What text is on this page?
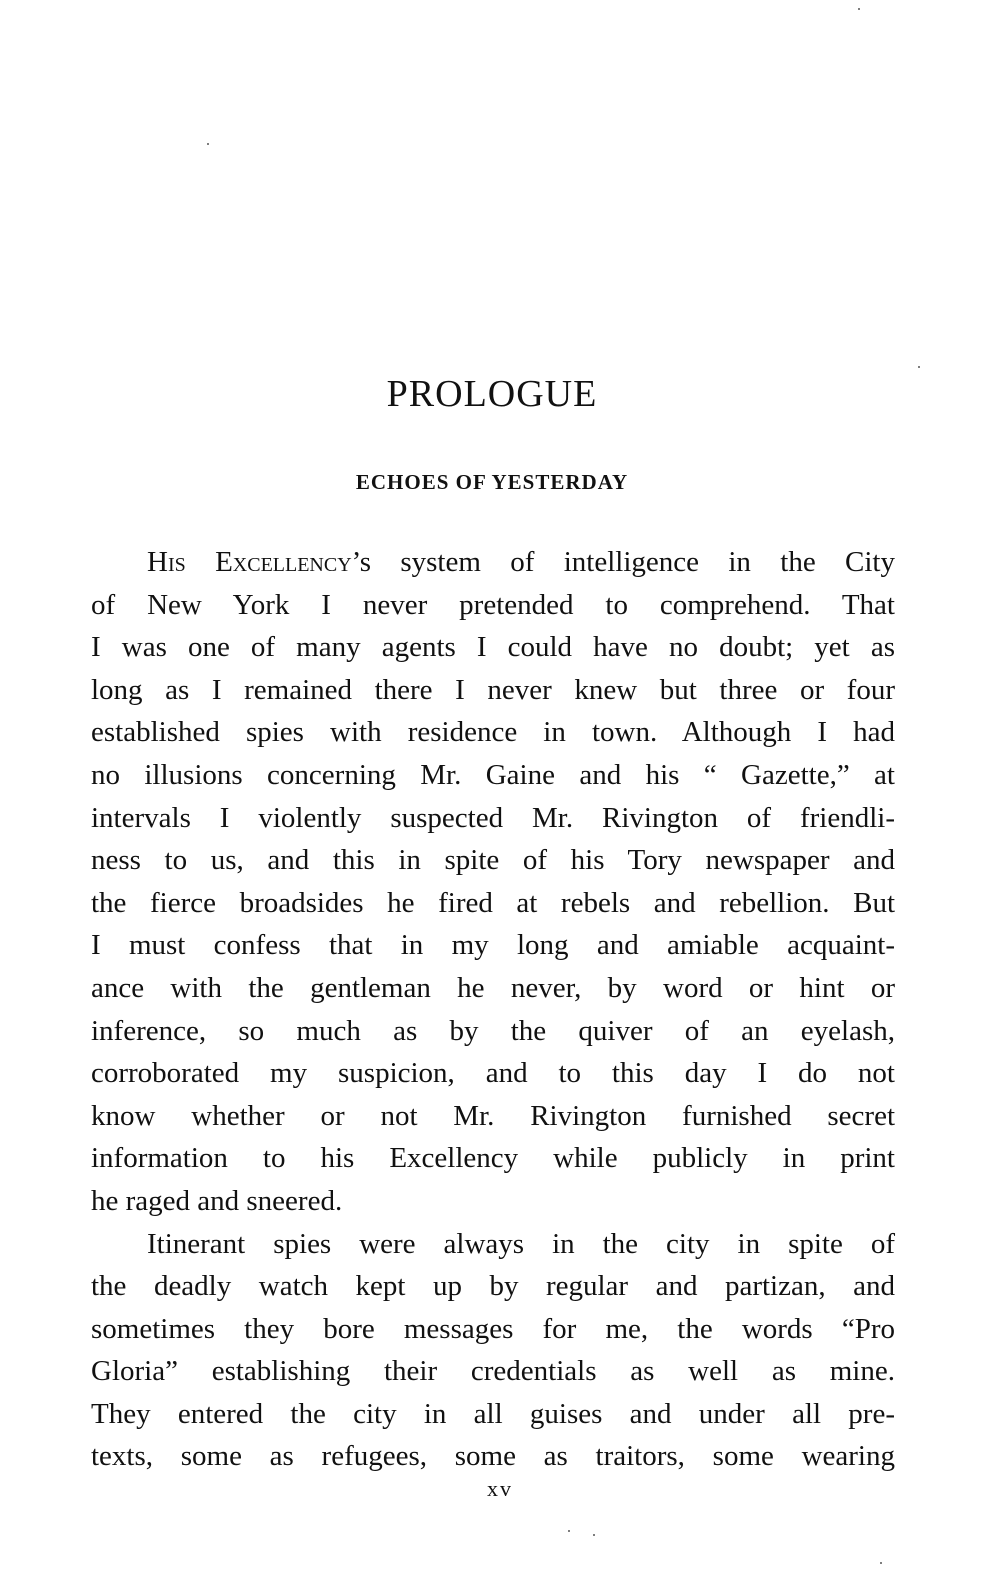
PROLOGUE
ECHOES OF YESTERDAY
His Excellency’s system of intelligence in the City
of New York I never pretended to comprehend. That
I was one of many agents I could have no doubt; yet as
long as I remained there I never knew but three or four
established spies with residence in town. Although I had
no illusions concerning Mr. Gaine and his “ Gazette,” at
intervals I violently suspected Mr. Rivington of friendli-
ness to us, and this in spite of his Tory newspaper and
the fierce broadsides he fired at rebels and rebellion. But
I must confess that in my long and amiable acquaint-
ance with the gentleman he never, by word or hint or
inference, so much as by the quiver of an eyelash,
corroborated my suspicion, and to this day I do not
know whether or not Mr. Rivington furnished secret
information to his Excellency while publicly in print
he raged and sneered.
Itinerant spies were always in the city in spite of
the deadly watch kept up by regular and partizan, and
sometimes they bore messages for me, the words “Pro
Gloria” establishing their credentials as well as mine.
They entered the city in all guises and under all pre-
texts, some as refugees, some as traitors, some wearing
xv
